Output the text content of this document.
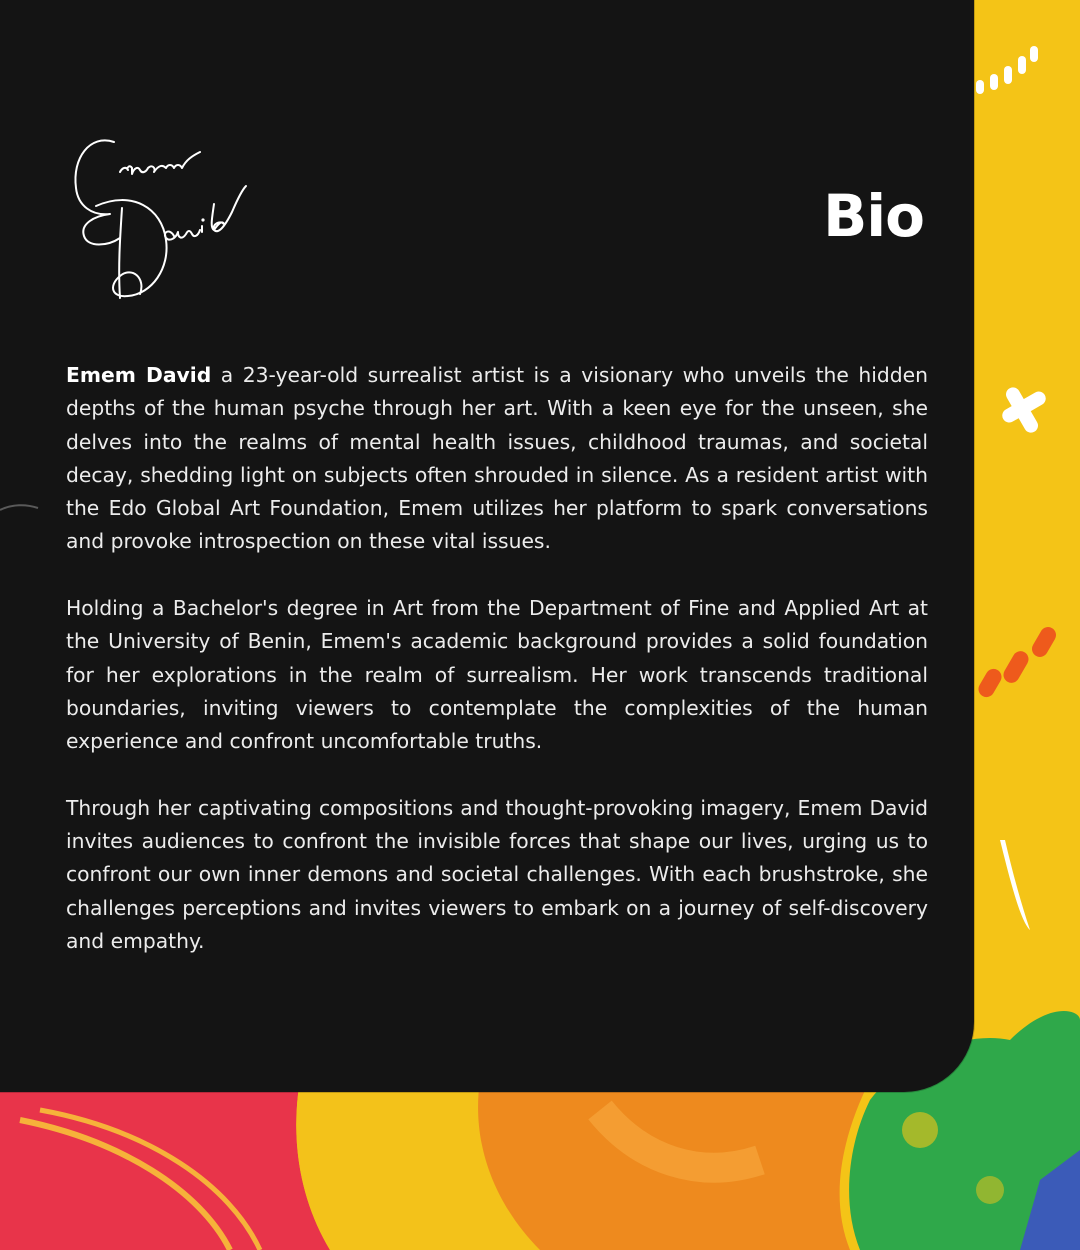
Bio

Emem David a 23-year-old surrealist artist is a visionary who unveils the hidden depths of the human psyche through her art. With a keen eye for the unseen, she delves into the realms of mental health issues, childhood traumas, and societal decay, shedding light on subjects often shrouded in silence. As a resident artist with the Edo Global Art Foundation, Emem utilizes her platform to spark conversations and provoke introspection on these vital issues.

Holding a Bachelor's degree in Art from the Department of Fine and Applied Art at the University of Benin, Emem's academic background provides a solid foundation for her explorations in the realm of surrealism. Her work transcends traditional boundaries, inviting viewers to contemplate the complexities of the human experience and confront uncomfortable truths.

Through her captivating compositions and thought-provoking imagery, Emem David invites audiences to confront the invisible forces that shape our lives, urging us to confront our own inner demons and societal challenges. With each brushstroke, she challenges perceptions and invites viewers to embark on a journey of self-discovery and empathy.
